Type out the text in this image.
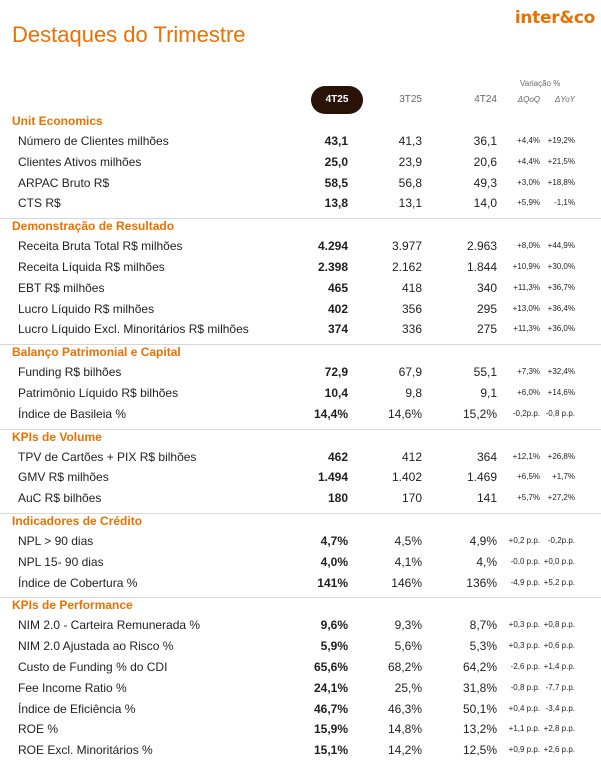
inter&co
Destaques do Trimestre
Variação %
4T25	3T25	4T24	ΔQoQ	ΔYoY
Unit Economics
Número de Clientes milhões	43,1	41,3	36,1	+4,4% +19,2%
Clientes Ativos milhões	25,0	23,9	20,6	+4,4% +21,5%
ARPAC Bruto R$	58,5	56,8	49,3	+3,0% +18,8%
CTS R$	13,8	13,1	14,0	+5,9%	-1,1%
Demonstração de Resultado
Receita Bruta Total R$ milhões	4.294	3.977	2.963	+8,0% +44,9%
Receita Líquida R$ milhões	2.398	2.162	1.844	+10,9% +30,0%
EBT R$ milhões	465	418	340	+11,3% +36,7%
Lucro Líquido R$ milhões	402	356	295	+13,0% +36,4%
Lucro Líquido Excl. Minoritários R$ milhões	374	336	275	+11,3% +36,0%
Balanço Patrimonial e Capital
Funding R$ bilhões	72,9	67,9	55,1	+7,3% +32,4%
Patrimônio Líquido R$ bilhões	10,4	9,8	9,1	+6,0% +14,6%
Índice de Basileia %	14,4%	14,6%	15,2%	-0,2p.p. -0,8 p.p.
KPIs de Volume
TPV de Cartões + PIX R$ bilhões	462	412	364	+12,1% +26,8%
GMV R$ milhões	1.494	1.402	1.469	+6,5%	+1,7%
AuC R$ bilhões	180	170	141	+5,7% +27,2%
Indicadores de Crédito
NPL > 90 dias	4,7%	4,5%	4,9%	+0,2 p.p. -0,2p.p.
NPL 15- 90 dias	4,0%	4,1%	4,%	-0,0 p.p. +0,0 p.p.
Índice de Cobertura %	141%	146%	136%	-4,9 p.p. +5,2 p.p.
KPIs de Performance
NIM 2.0 - Carteira Remunerada %	9,6%	9,3%	8,7%	+0,3 p.p. +0,8 p.p.
NIM 2.0 Ajustada ao Risco %	5,9%	5,6%	5,3%	+0,3 p.p. +0,6 p.p.
Custo de Funding % do CDI	65,6%	68,2%	64,2%	-2,6 p.p. +1,4 p.p.
Fee Income Ratio %	24,1%	25,%	31,8%	-0,8 p.p. -7,7 p.p.
Índice de Eficiência %	46,7%	46,3%	50,1%	+0,4 p.p. -3,4 p.p.
ROE %	15,9%	14,8%	13,2%	+1,1 p.p. +2,8 p.p.
ROE Excl. Minoritários %	15,1%	14,2%	12,5%	+0,9 p.p. +2,6 p.p.
